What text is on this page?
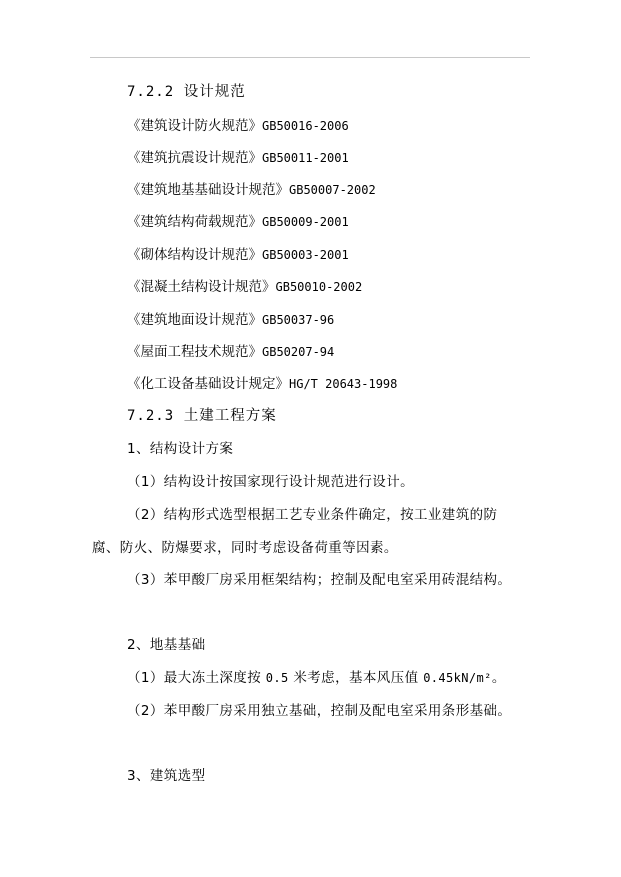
7.2.2 设计规范
《建筑设计防火规范》GB50016-2006
《建筑抗震设计规范》GB50011-2001
《建筑地基基础设计规范》GB50007-2002
《建筑结构荷载规范》GB50009-2001
《砌体结构设计规范》GB50003-2001
《混凝土结构设计规范》GB50010-2002
《建筑地面设计规范》GB50037-96
《屋面工程技术规范》GB50207-94
《化工设备基础设计规定》HG/T 20643-1998
7.2.3 土建工程方案
1、结构设计方案
（1）结构设计按国家现行设计规范进行设计。
（2）结构形式选型根据工艺专业条件确定，按工业建筑的防
腐、防火、防爆要求，同时考虑设备荷重等因素。
（3）苯甲酸厂房采用框架结构；控制及配电室采用砖混结构。
2、地基基础
（1）最大冻土深度按 0.5 米考虑，基本风压值 0.45kN/m²。
（2）苯甲酸厂房采用独立基础，控制及配电室采用条形基础。
3、建筑选型
